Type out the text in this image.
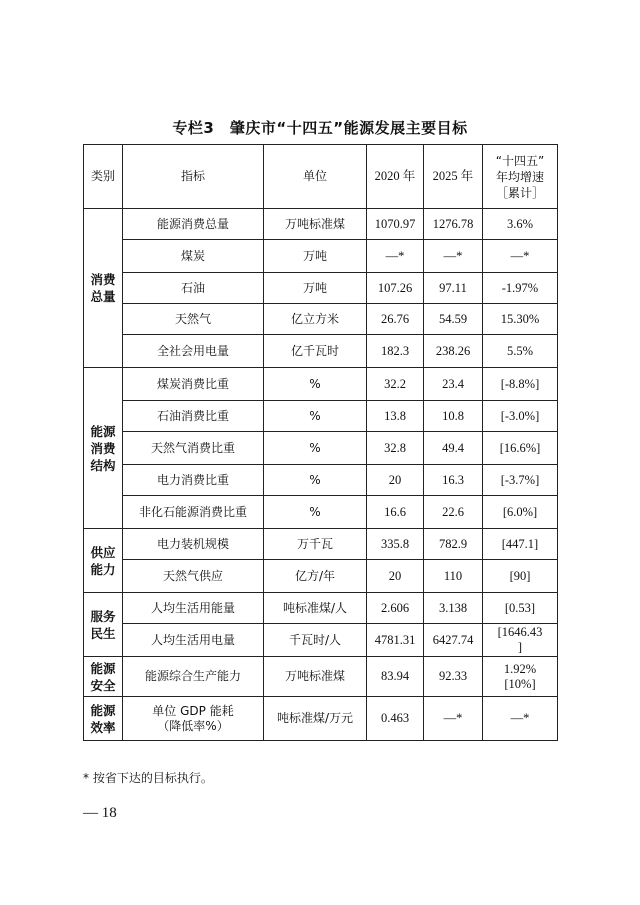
专栏3　肇庆市“十四五”能源发展主要目标
类别	指标	单位	2020 年	2025 年	“十四五”
年均增速
［累计］

消费
总量	能源消费总量	万吨标准煤	1070.97	1276.78	3.6%
	煤炭	万吨	—*	—*	—*
	石油	万吨	107.26	97.11	-1.97%
	天然气	亿立方米	26.76	54.59	15.30%
	全社会用电量	亿千瓦时	182.3	238.26	5.5%
能源
消费
结构	煤炭消费比重	%	32.2	23.4	[-8.8%]
	石油消费比重	%	13.8	10.8	[-3.0%]
	天然气消费比重	%	32.8	49.4	[16.6%]
	电力消费比重	%	20	16.3	[-3.7%]
	非化石能源消费比重	%	16.6	22.6	[6.0%]
供应
能力	电力装机规模	万千瓦	335.8	782.9	[447.1]
	天然气供应	亿方/年	20	110	[90]
服务
民生	人均生活用能量	吨标准煤/人	2.606	3.138	[0.53]
	人均生活用电量	千瓦时/人	4781.31	6427.74	[1646.43
]
能源
安全	能源综合生产能力	万吨标准煤	83.94	92.33	1.92%
[10%]
能源
效率	单位 GDP 能耗
（降低率%）	吨标准煤/万元	0.463	—*	—*
* 按省下达的目标执行。
— 18
